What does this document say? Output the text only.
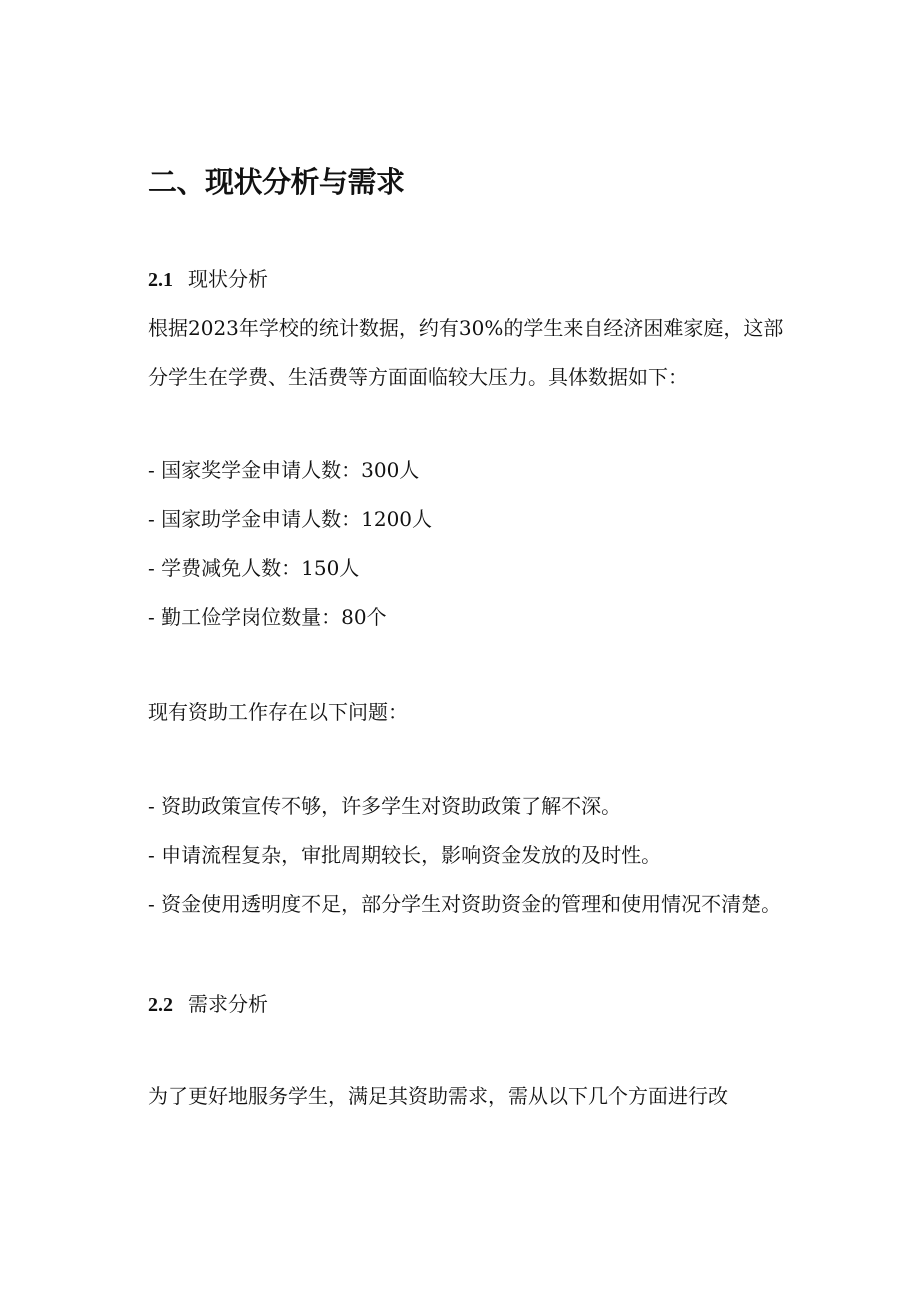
二、现状分析与需求
2.1 现状分析
根据2023年学校的统计数据，约有30%的学生来自经济困难家庭，这部
分学生在学费、生活费等方面面临较大压力。具体数据如下：
- 国家奖学金申请人数：300人
- 国家助学金申请人数：1200人
- 学费减免人数：150人
- 勤工俭学岗位数量：80个
现有资助工作存在以下问题：
- 资助政策宣传不够，许多学生对资助政策了解不深。
- 申请流程复杂，审批周期较长，影响资金发放的及时性。
- 资金使用透明度不足，部分学生对资助资金的管理和使用情况不清楚。
2.2 需求分析
为了更好地服务学生，满足其资助需求，需从以下几个方面进行改
